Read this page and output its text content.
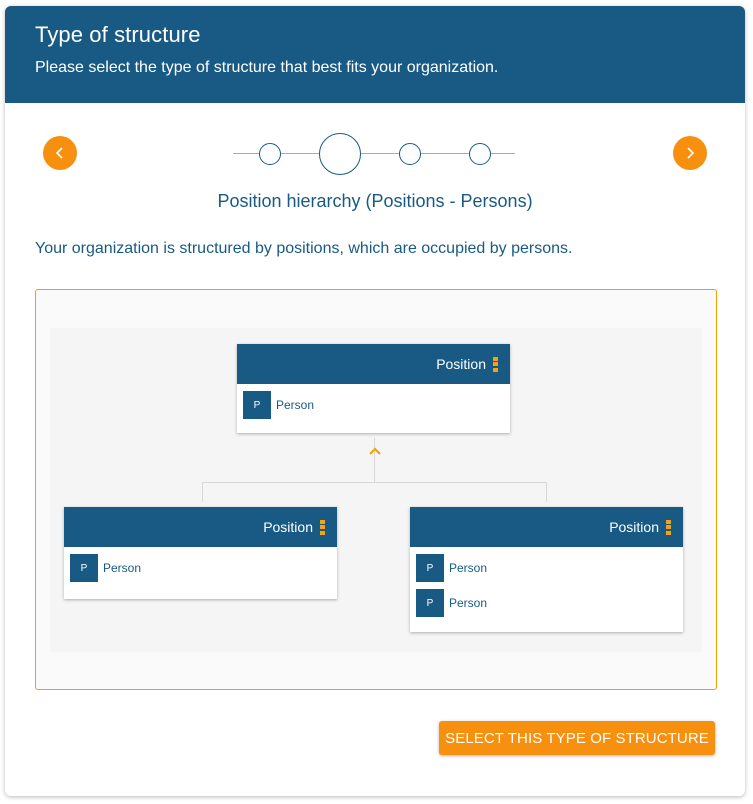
Type of structure
Please select the type of structure that best fits your organization.
Position hierarchy (Positions - Persons)
Your organization is structured by positions, which are occupied by persons.
Position
P	Person
Position
P	Person
Position
P	Person
P	Person
SELECT THIS TYPE OF STRUCTURE
